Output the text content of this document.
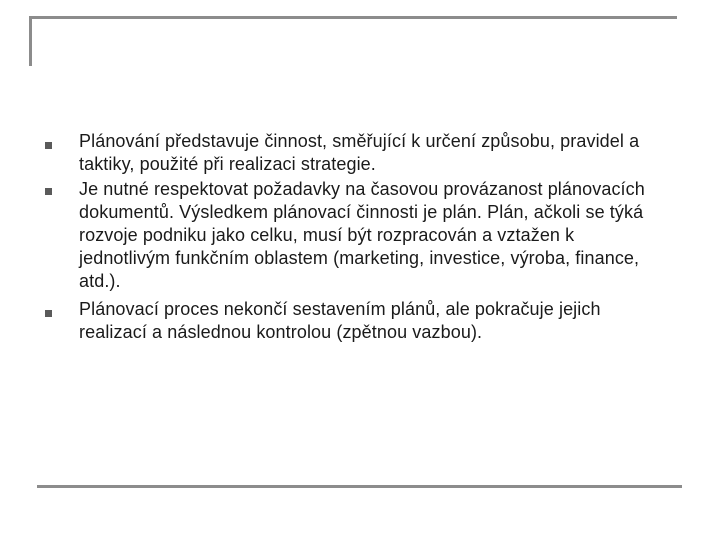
Plánování představuje činnost, směřující k určení způsobu, pravidel a taktiky, použité při realizaci strategie.
Je nutné respektovat požadavky na časovou provázanost plánovacích dokumentů. Výsledkem plánovací činnosti je plán. Plán, ačkoli se týká rozvoje podniku jako celku, musí být rozpracován a vztažen k jednotlivým funkčním oblastem (marketing, investice, výroba, finance, atd.).
Plánovací proces nekončí sestavením plánů, ale pokračuje jejich realizací a následnou kontrolou (zpětnou vazbou).
